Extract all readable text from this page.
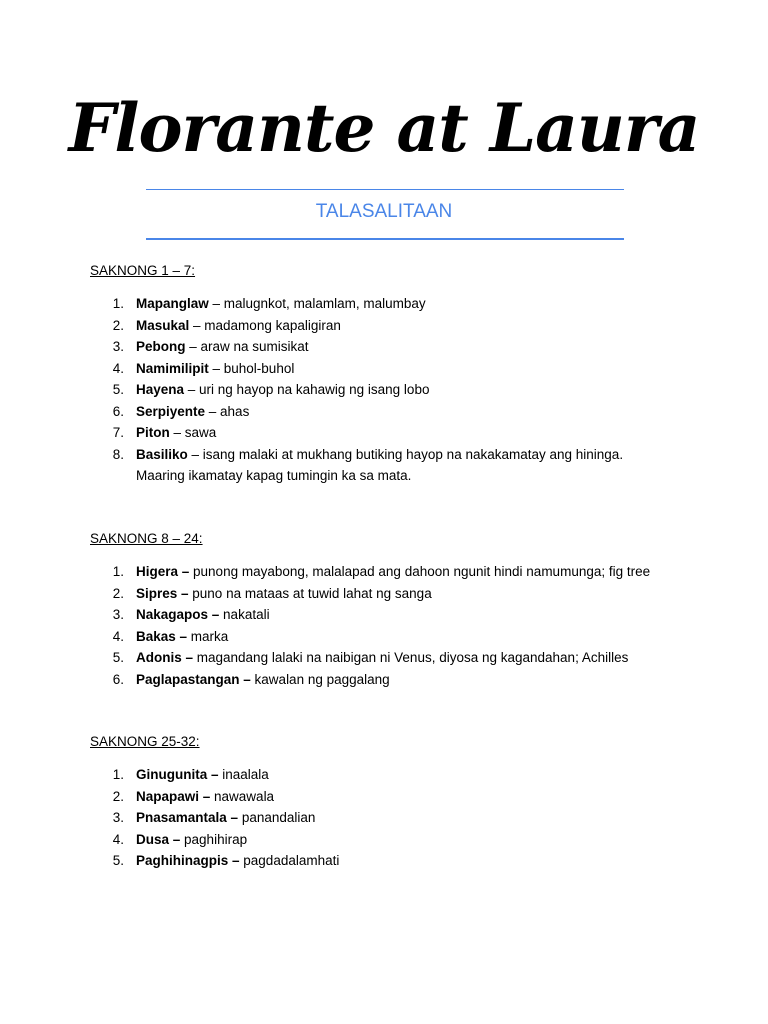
Florante at Laura
TALASALITAAN
SAKNONG 1 – 7:
1. Mapanglaw – malugnkot, malamlam, malumbay
2. Masukal – madamong kapaligiran
3. Pebong – araw na sumisikat
4. Namimilipit – buhol-buhol
5. Hayena – uri ng hayop na kahawig ng isang lobo
6. Serpiyente – ahas
7. Piton – sawa
8. Basiliko – isang malaki at mukhang butiking hayop na nakakamatay ang hininga.
Maaring ikamatay kapag tumingin ka sa mata.
SAKNONG 8 – 24:
1. Higera – punong mayabong, malalapad ang dahoon ngunit hindi namumunga; fig tree
2. Sipres – puno na mataas at tuwid lahat ng sanga
3. Nakagapos – nakatali
4. Bakas – marka
5. Adonis – magandang lalaki na naibigan ni Venus, diyosa ng kagandahan; Achilles
6. Paglapastangan – kawalan ng paggalang
SAKNONG 25-32:
1. Ginugunita – inaalala
2. Napapawi – nawawala
3. Pnasamantala – panandalian
4. Dusa – paghihirap
5. Paghihinagpis – pagdadalamhati
